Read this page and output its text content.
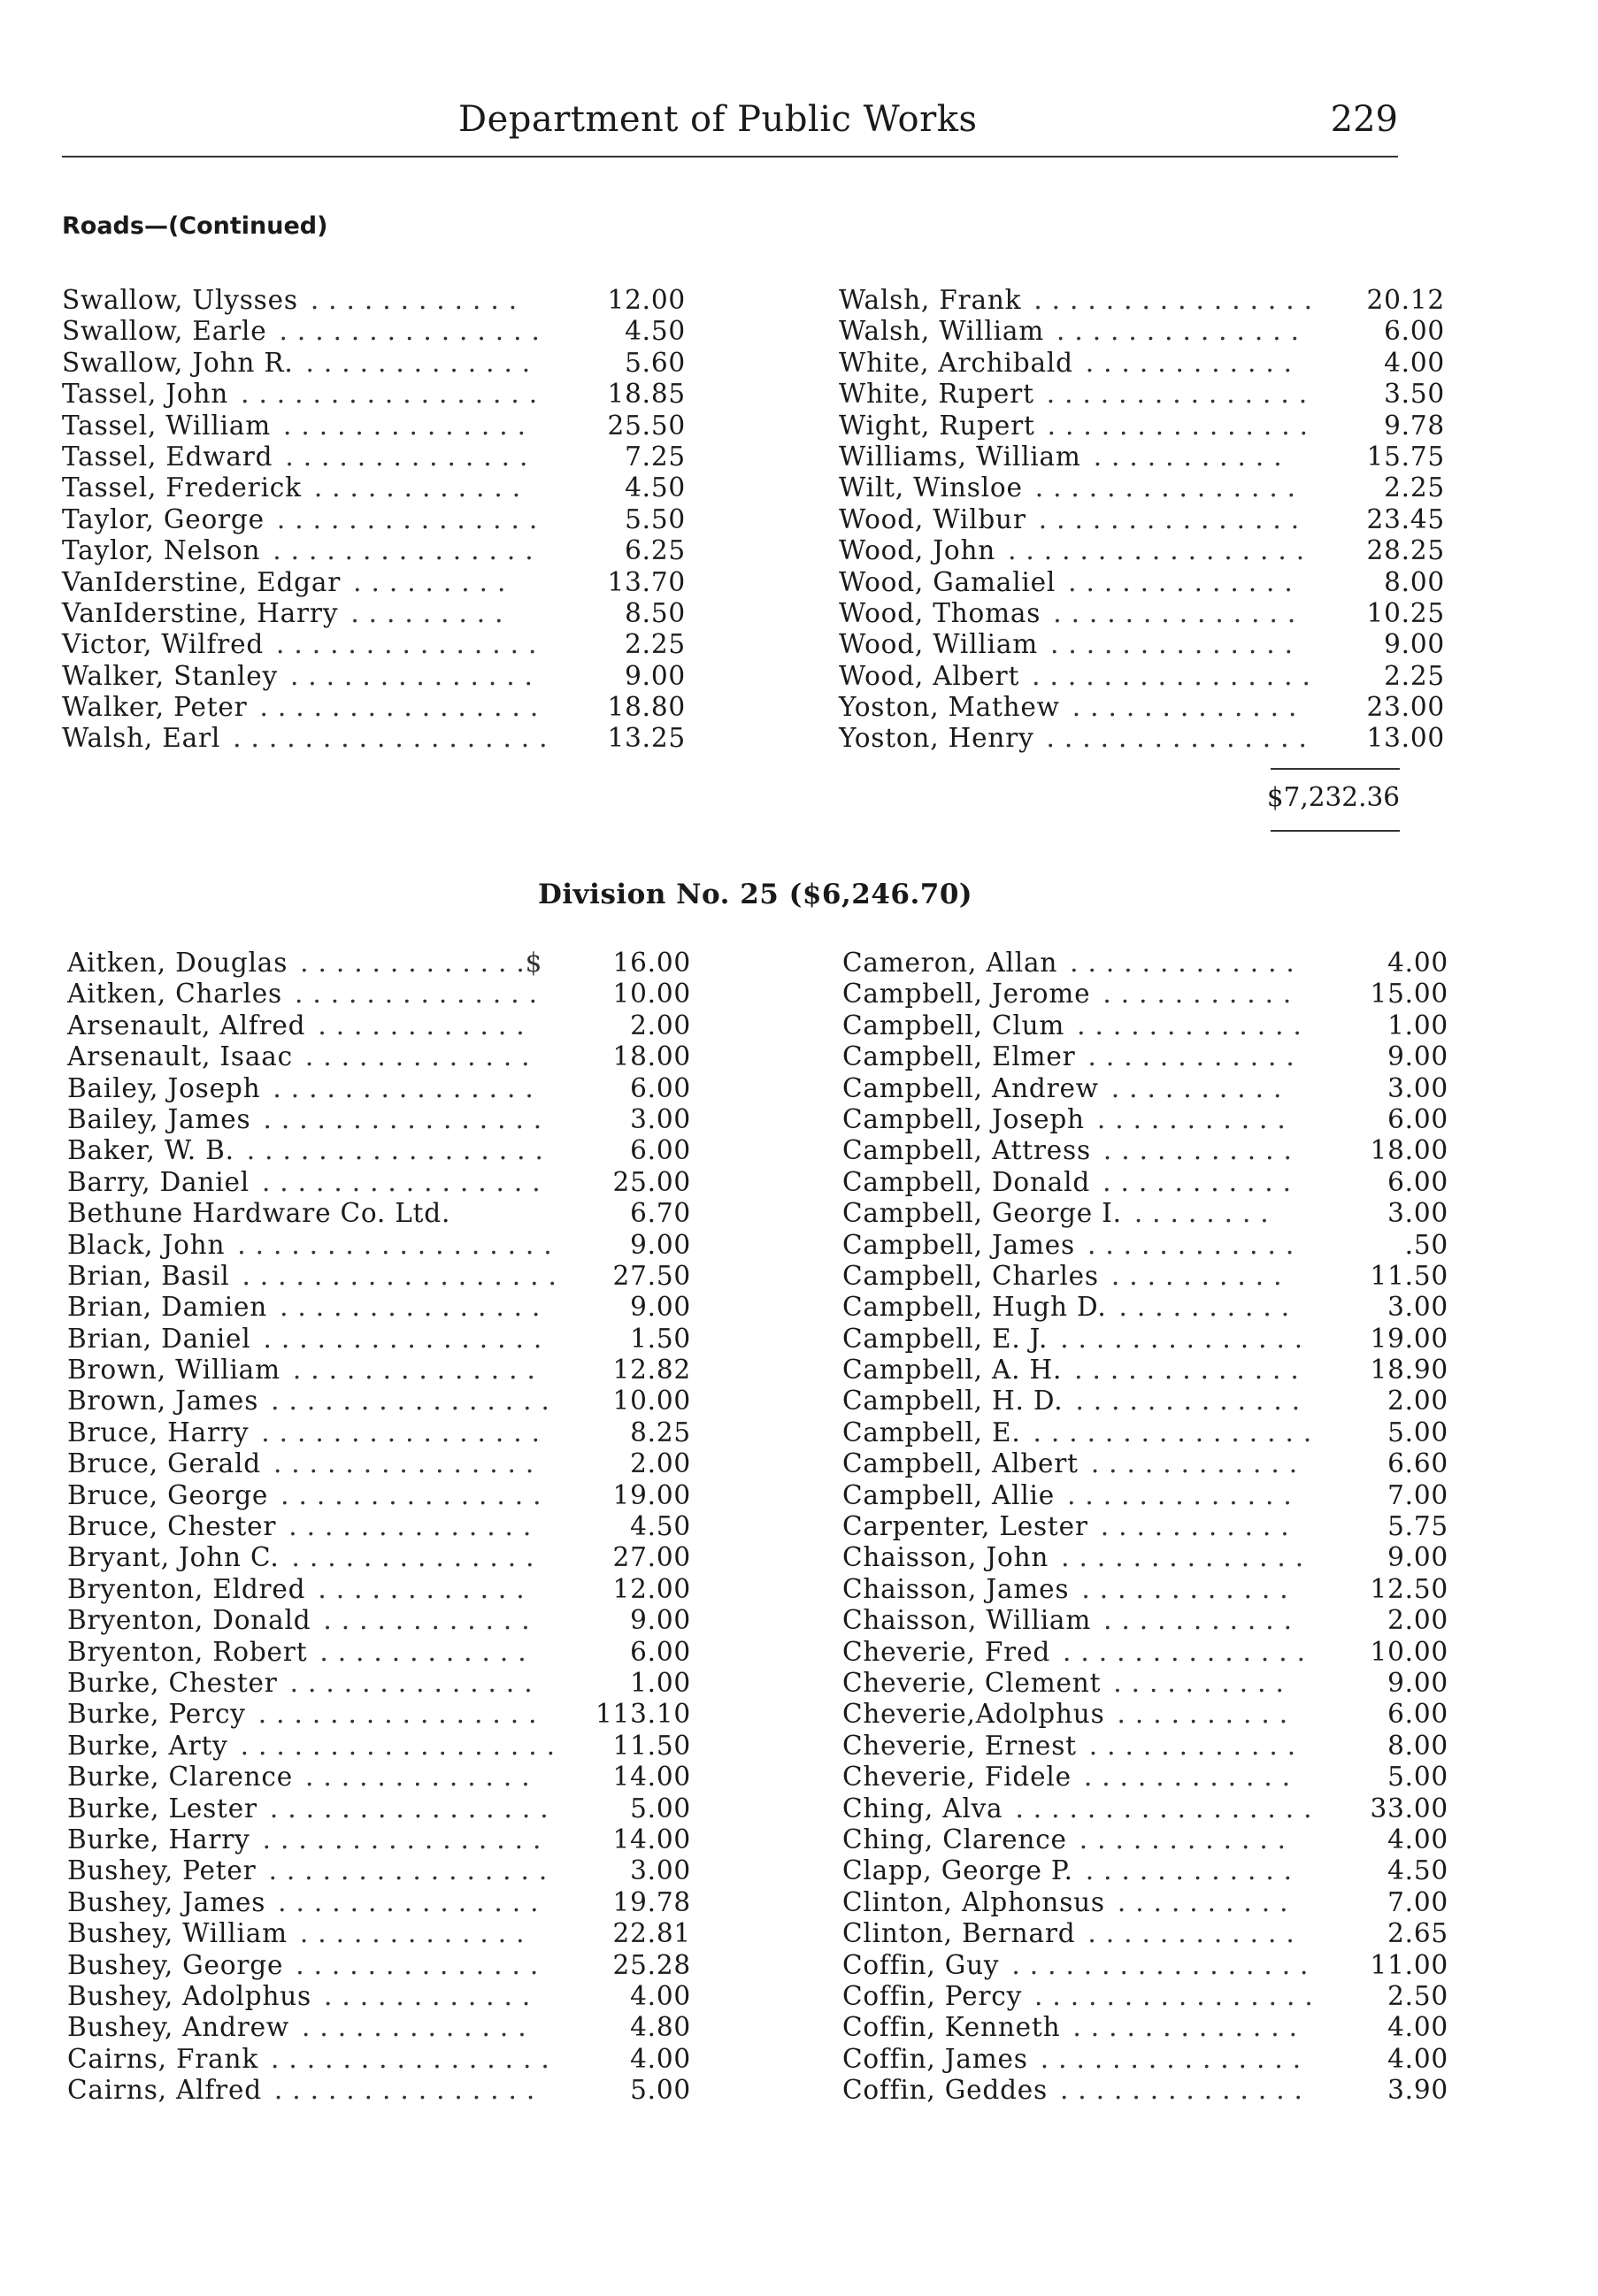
Department of Public Works	229
Roads—(Continued)
Swallow, Ulysses . . . . . . . . . . . .	12.00
Swallow, Earle . . . . . . . . . . . . . . .	4.50
Swallow, John R. . . . . . . . . . . . . .	5.60
Tassel, John . . . . . . . . . . . . . . . . .	18.85
Tassel, William . . . . . . . . . . . . . .	25.50
Tassel, Edward . . . . . . . . . . . . . .	7.25
Tassel, Frederick . . . . . . . . . . . .	4.50
Taylor, George . . . . . . . . . . . . . . .	5.50
Taylor, Nelson . . . . . . . . . . . . . . .	6.25
VanIderstine, Edgar . . . . . . . . .	13.70
VanIderstine, Harry . . . . . . . . .	8.50
Victor, Wilfred . . . . . . . . . . . . . . .	2.25
Walker, Stanley . . . . . . . . . . . . . .	9.00
Walker, Peter . . . . . . . . . . . . . . . .	18.80
Walsh, Earl . . . . . . . . . . . . . . . . . .	13.25
Walsh, Frank . . . . . . . . . . . . . . . .	20.12
Walsh, William . . . . . . . . . . . . . .	6.00
White, Archibald . . . . . . . . . . . .	4.00
White, Rupert . . . . . . . . . . . . . . .	3.50
Wight, Rupert . . . . . . . . . . . . . . .	9.78
Williams, William . . . . . . . . . . .	15.75
Wilt, Winsloe . . . . . . . . . . . . . . .	2.25
Wood, Wilbur . . . . . . . . . . . . . . .	23.45
Wood, John . . . . . . . . . . . . . . . . .	28.25
Wood, Gamaliel . . . . . . . . . . . . .	8.00
Wood, Thomas . . . . . . . . . . . . . .	10.25
Wood, William . . . . . . . . . . . . . .	9.00
Wood, Albert . . . . . . . . . . . . . . . .	2.25
Yoston, Mathew . . . . . . . . . . . . .	23.00
Yoston, Henry . . . . . . . . . . . . . . .	13.00
$7,232.36
Division No. 25 ($6,246.70)
Aitken, Douglas . . . . . . . . . . . . .$	16.00
Aitken, Charles . . . . . . . . . . . . . .	10.00
Arsenault, Alfred . . . . . . . . . . . .	2.00
Arsenault, Isaac . . . . . . . . . . . . .	18.00
Bailey, Joseph . . . . . . . . . . . . . . .	6.00
Bailey, James . . . . . . . . . . . . . . . .	3.00
Baker, W. B. . . . . . . . . . . . . . . . . .	6.00
Barry, Daniel . . . . . . . . . . . . . . . .	25.00
Bethune Hardware Co. Ltd.	6.70
Black, John . . . . . . . . . . . . . . . . . .	9.00
Brian, Basil . . . . . . . . . . . . . . . . . .	27.50
Brian, Damien . . . . . . . . . . . . . . .	9.00
Brian, Daniel . . . . . . . . . . . . . . . .	1.50
Brown, William . . . . . . . . . . . . . .	12.82
Brown, James . . . . . . . . . . . . . . . .	10.00
Bruce, Harry . . . . . . . . . . . . . . . .	8.25
Bruce, Gerald . . . . . . . . . . . . . . .	2.00
Bruce, George . . . . . . . . . . . . . . .	19.00
Bruce, Chester . . . . . . . . . . . . . .	4.50
Bryant, John C. . . . . . . . . . . . . . .	27.00
Bryenton, Eldred . . . . . . . . . . . .	12.00
Bryenton, Donald . . . . . . . . . . . .	9.00
Bryenton, Robert . . . . . . . . . . . .	6.00
Burke, Chester . . . . . . . . . . . . . .	1.00
Burke, Percy . . . . . . . . . . . . . . . .	113.10
Burke, Arty . . . . . . . . . . . . . . . . . .	11.50
Burke, Clarence . . . . . . . . . . . . .	14.00
Burke, Lester . . . . . . . . . . . . . . . .	5.00
Burke, Harry . . . . . . . . . . . . . . . .	14.00
Bushey, Peter . . . . . . . . . . . . . . . .	3.00
Bushey, James . . . . . . . . . . . . . . .	19.78
Bushey, William . . . . . . . . . . . . .	22.81
Bushey, George . . . . . . . . . . . . . .	25.28
Bushey, Adolphus . . . . . . . . . . . .	4.00
Bushey, Andrew . . . . . . . . . . . . .	4.80
Cairns, Frank . . . . . . . . . . . . . . . .	4.00
Cairns, Alfred . . . . . . . . . . . . . . .	5.00
Cameron, Allan . . . . . . . . . . . . .	4.00
Campbell, Jerome . . . . . . . . . . .	15.00
Campbell, Clum . . . . . . . . . . . . .	1.00
Campbell, Elmer . . . . . . . . . . . .	9.00
Campbell, Andrew . . . . . . . . . .	3.00
Campbell, Joseph . . . . . . . . . . .	6.00
Campbell, Attress . . . . . . . . . . .	18.00
Campbell, Donald . . . . . . . . . . .	6.00
Campbell, George I. . . . . . . . .	3.00
Campbell, James . . . . . . . . . . . .	.50
Campbell, Charles . . . . . . . . . .	11.50
Campbell, Hugh D. . . . . . . . . . .	3.00
Campbell, E. J. . . . . . . . . . . . . . .	19.00
Campbell, A. H. . . . . . . . . . . . . .	18.90
Campbell, H. D. . . . . . . . . . . . . .	2.00
Campbell, E. . . . . . . . . . . . . . . . .	5.00
Campbell, Albert . . . . . . . . . . . .	6.60
Campbell, Allie . . . . . . . . . . . . .	7.00
Carpenter, Lester . . . . . . . . . . .	5.75
Chaisson, John . . . . . . . . . . . . . .	9.00
Chaisson, James . . . . . . . . . . . .	12.50
Chaisson, William . . . . . . . . . . .	2.00
Cheverie, Fred . . . . . . . . . . . . . .	10.00
Cheverie, Clement . . . . . . . . . .	9.00
Cheverie,Adolphus . . . . . . . . . .	6.00
Cheverie, Ernest . . . . . . . . . . . .	8.00
Cheverie, Fidele . . . . . . . . . . . .	5.00
Ching, Alva . . . . . . . . . . . . . . . . .	33.00
Ching, Clarence . . . . . . . . . . . .	4.00
Clapp, George P. . . . . . . . . . . . .	4.50
Clinton, Alphonsus . . . . . . . . . .	7.00
Clinton, Bernard . . . . . . . . . . . .	2.65
Coffin, Guy . . . . . . . . . . . . . . . . .	11.00
Coffin, Percy . . . . . . . . . . . . . . . .	2.50
Coffin, Kenneth . . . . . . . . . . . . .	4.00
Coffin, James . . . . . . . . . . . . . . .	4.00
Coffin, Geddes . . . . . . . . . . . . . .	3.90
